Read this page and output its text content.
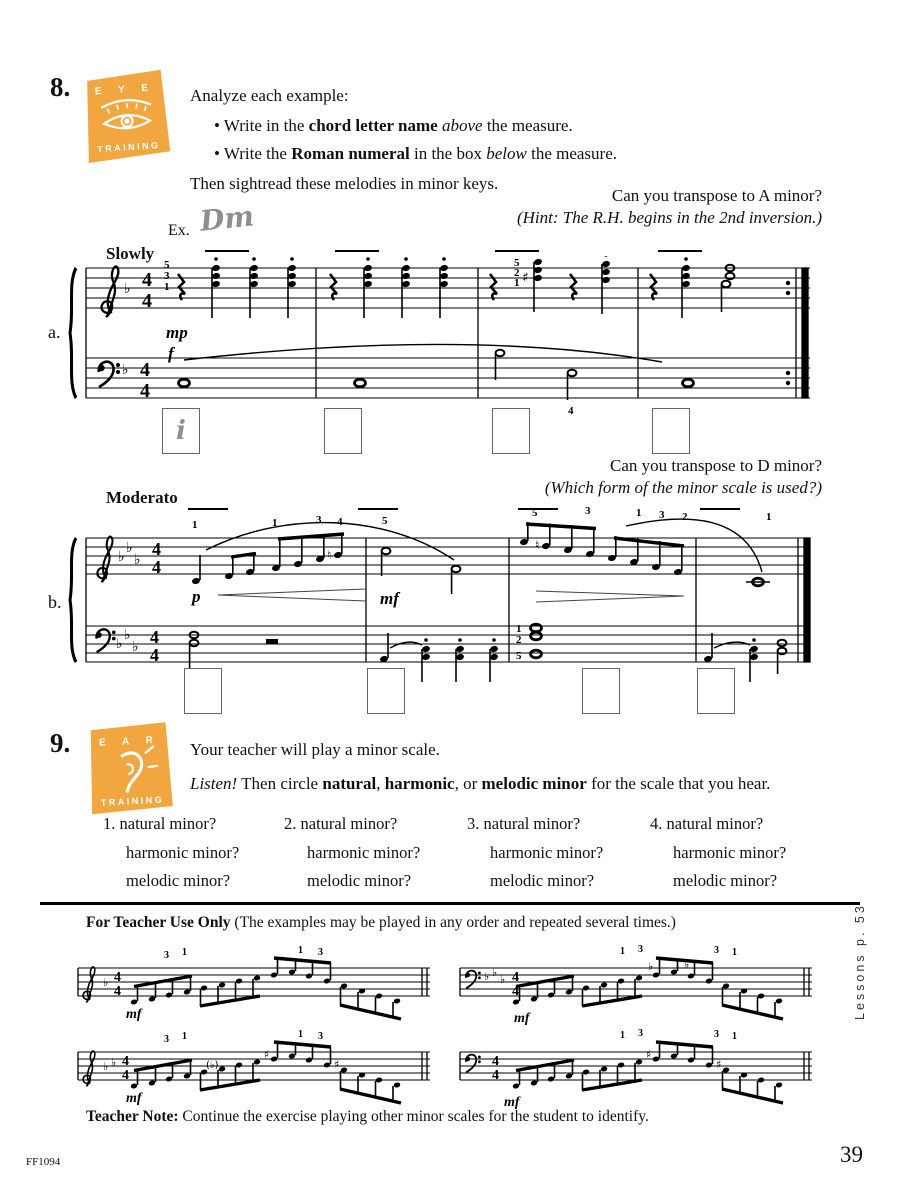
8. E Y E
TRAINING
Analyze each example:
• Write in the chord letter name above the measure.
• Write the Roman numeral in the box below the measure.
Then sightread these melodies in minor keys.
Can you transpose to A minor?
(Hint: The R.H. begins in the 2nd inversion.)
Ex. Dm
Slowly
a.
♭
♭
4
4
4
4
5
3
1
5
2
1 ♯
mp
f
4
i
Can you transpose to D minor?
(Which form of the minor scale is used?)
Moderato
b.
♭
♭
♭
♭
♭
♭
4
4
4
4
1	1	3 4	5
5	3	1 3 2	1
♮
♮
p	mf
1
2
5
9.	E A R
TRAINING
Your teacher will play a minor scale.
Listen! Then circle natural, harmonic, or melodic minor for the scale that you hear.
1. natural minor?
harmonic minor?
melodic minor?
2. natural minor?
harmonic minor?
melodic minor?
3. natural minor?
harmonic minor?
melodic minor?
4. natural minor?
harmonic minor?
melodic minor?
For Teacher Use Only (The examples may be played in any order and repeated several times.)
♭ 4
4
3 1	1 3
mf
♭ ♭
♭ 4
4
♭	♭
1 3	3 1
mf
♭ ♭ 4
4
(♭)
♯
♯
3 1	1 3
mf
4
4
♯
♯
1 3	3 1
mf
Teacher Note: Continue the exercise playing other minor scales for the student to identify.
Lessons p. 53
FF1094	39
